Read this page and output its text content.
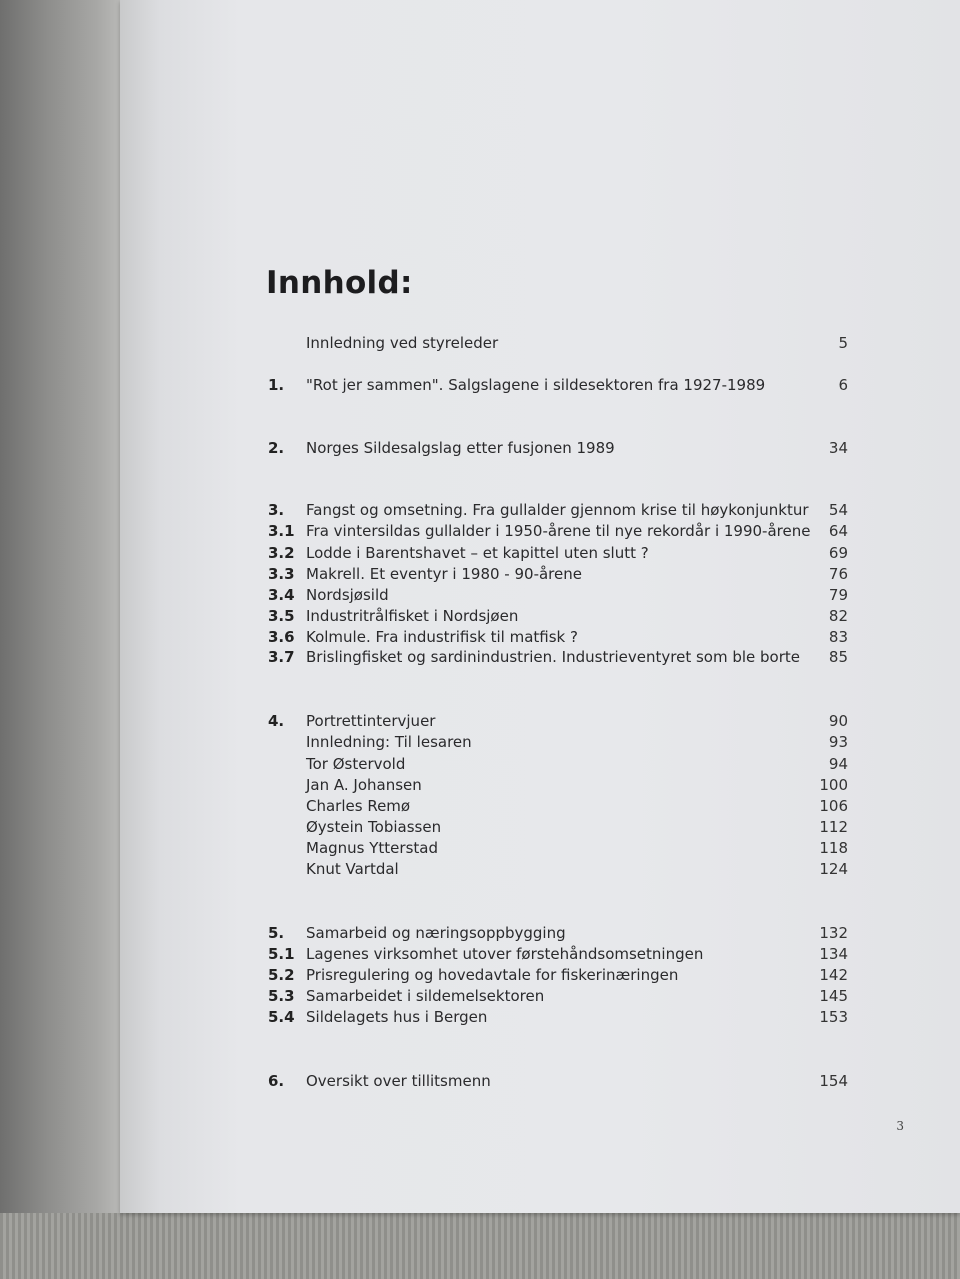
Innhold:
Innledning ved styreleder	5
1. "Rot jer sammen". Salgslagene i sildesektoren fra 1927-1989	6
2. Norges Sildesalgslag etter fusjonen 1989	34
3. Fangst og omsetning. Fra gullalder gjennom krise til høykonjunktur 54
3.1 Fra vintersildas gullalder i 1950-årene til nye rekordår i 1990-årene 64
3.2 Lodde i Barentshavet – et kapittel uten slutt ?	69
3.3 Makrell. Et eventyr i 1980 - 90-årene	76
3.4 Nordsjøsild	79
3.5 Industritrålfisket i Nordsjøen	82
3.6 Kolmule. Fra industrifisk til matfisk ?	83
3.7 Brislingfisket og sardinindustrien. Industrieventyret som ble borte 85
4. Portrettintervjuer	90
Innledning: Til lesaren	93
Tor Østervold	94
Jan A. Johansen	100
Charles Remø	106
Øystein Tobiassen	112
Magnus Ytterstad	118
Knut Vartdal	124
5. Samarbeid og næringsoppbygging	132
5.1 Lagenes virksomhet utover førstehåndsomsetningen	134
5.2 Prisregulering og hovedavtale for fiskerinæringen	142
5.3 Samarbeidet i sildemelsektoren	145
5.4 Sildelagets hus i Bergen	153
6. Oversikt over tillitsmenn	154
3
